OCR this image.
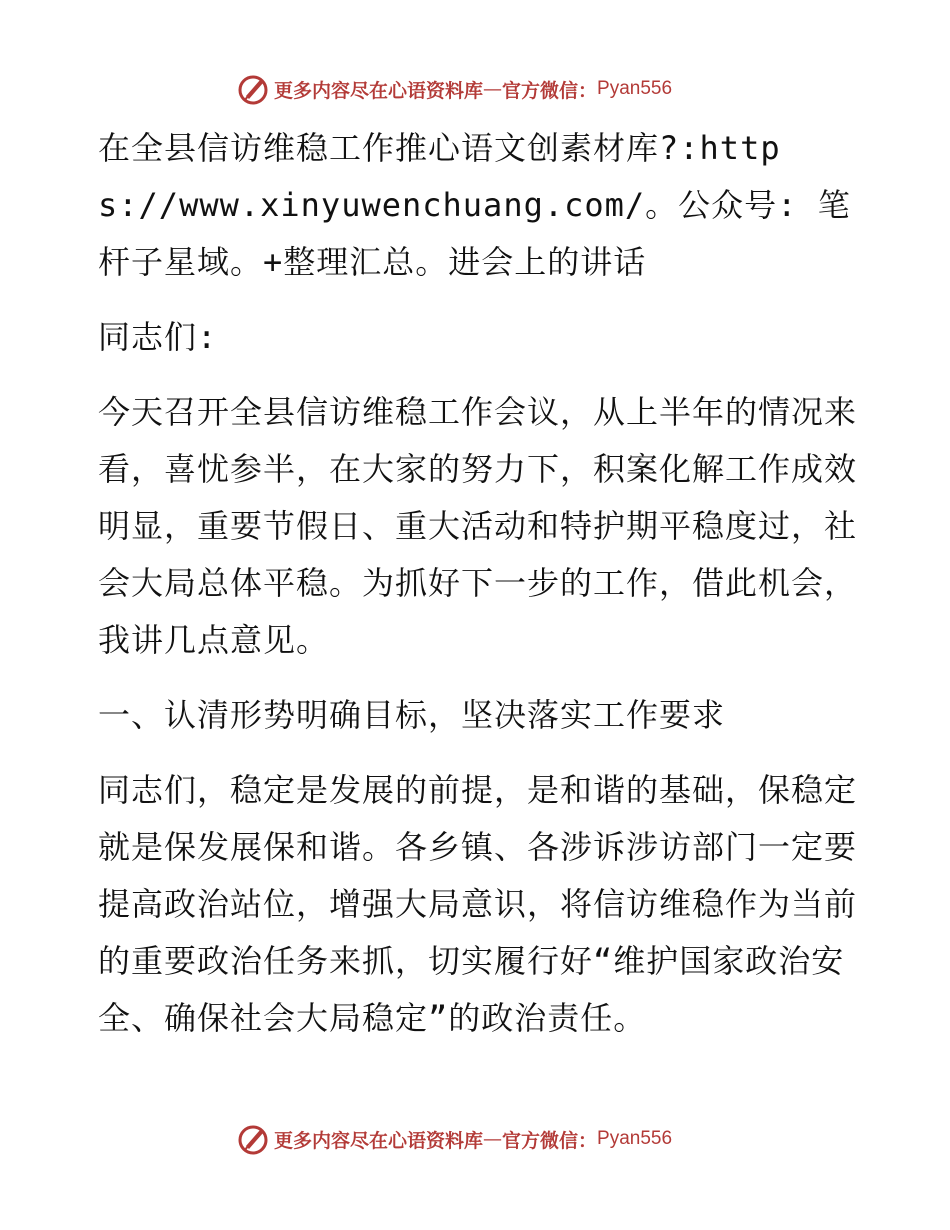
更多内容尽在心语资料库 — 官方微信： Pyan556

在全县信访维稳工作推心语文创素材库?:https://www.xinyuwenchuang.com/。公众号: 笔杆子星域。+整理汇总。进会上的讲话

同志们:

今天召开全县信访维稳工作会议，从上半年的情况来看，喜忧参半，在大家的努力下，积案化解工作成效明显，重要节假日、重大活动和特护期平稳度过，社会大局总体平稳。为抓好下一步的工作，借此机会，我讲几点意见。

一、认清形势明确目标，坚决落实工作要求

同志们，稳定是发展的前提，是和谐的基础，保稳定就是保发展保和谐。各乡镇、各涉诉涉访部门一定要提高政治站位，增强大局意识，将信访维稳作为当前的重要政治任务来抓，切实履行好“维护国家政治安全、确保社会大局稳定”的政治责任。

更多内容尽在心语资料库 — 官方微信： Pyan556
